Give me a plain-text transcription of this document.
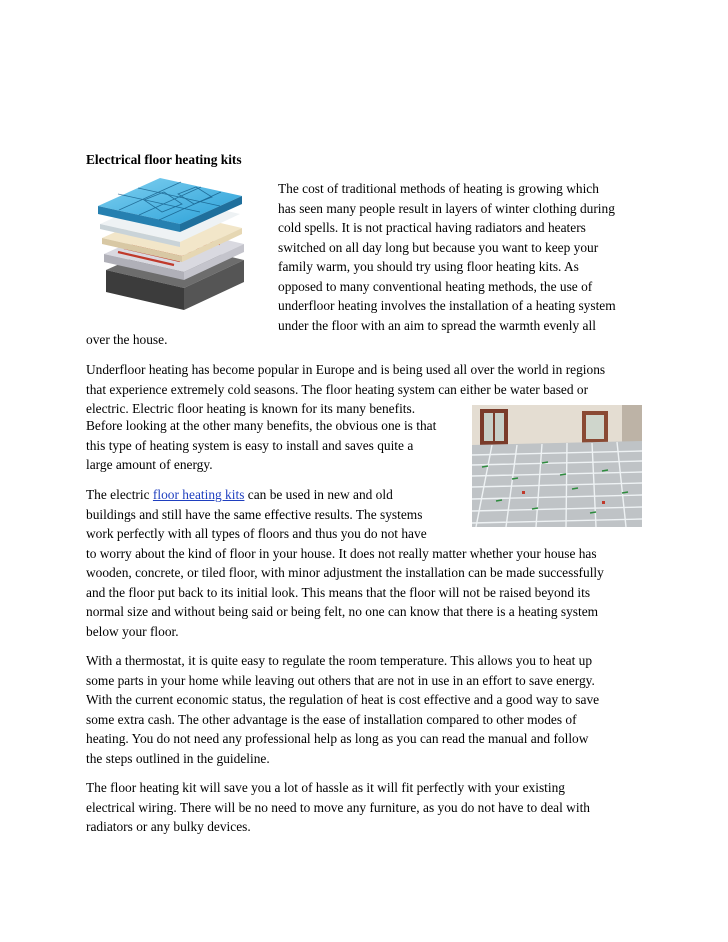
Electrical floor heating kits
The cost of traditional methods of heating is growing which
has seen many people result in layers of winter clothing during
cold spells. It is not practical having radiators and heaters
switched on all day long but because you want to keep your
family warm, you should try using floor heating kits. As
opposed to many conventional heating methods, the use of
underfloor heating involves the installation of a heating system
under the floor with an aim to spread the warmth evenly all
over the house.
Underfloor heating has become popular in Europe and is being used all over the world in regions
that experience extremely cold seasons. The floor heating system can either be water based or
electric. Electric floor heating is known for its many benefits.
Before looking at the other many benefits, the obvious one is that
this type of heating system is easy to install and saves quite a
large amount of energy.
The electric floor heating kits can be used in new and old
buildings and still have the same effective results. The systems
work perfectly with all types of floors and thus you do not have
to worry about the kind of floor in your house. It does not really matter whether your house has
wooden, concrete, or tiled floor, with minor adjustment the installation can be made successfully
and the floor put back to its initial look. This means that the floor will not be raised beyond its
normal size and without being said or being felt, no one can know that there is a heating system
below your floor.
With a thermostat, it is quite easy to regulate the room temperature. This allows you to heat up
some parts in your home while leaving out others that are not in use in an effort to save energy.
With the current economic status, the regulation of heat is cost effective and a good way to save
some extra cash. The other advantage is the ease of installation compared to other modes of
heating. You do not need any professional help as long as you can read the manual and follow
the steps outlined in the guideline.
The floor heating kit will save you a lot of hassle as it will fit perfectly with your existing
electrical wiring. There will be no need to move any furniture, as you do not have to deal with
radiators or any bulky devices.
